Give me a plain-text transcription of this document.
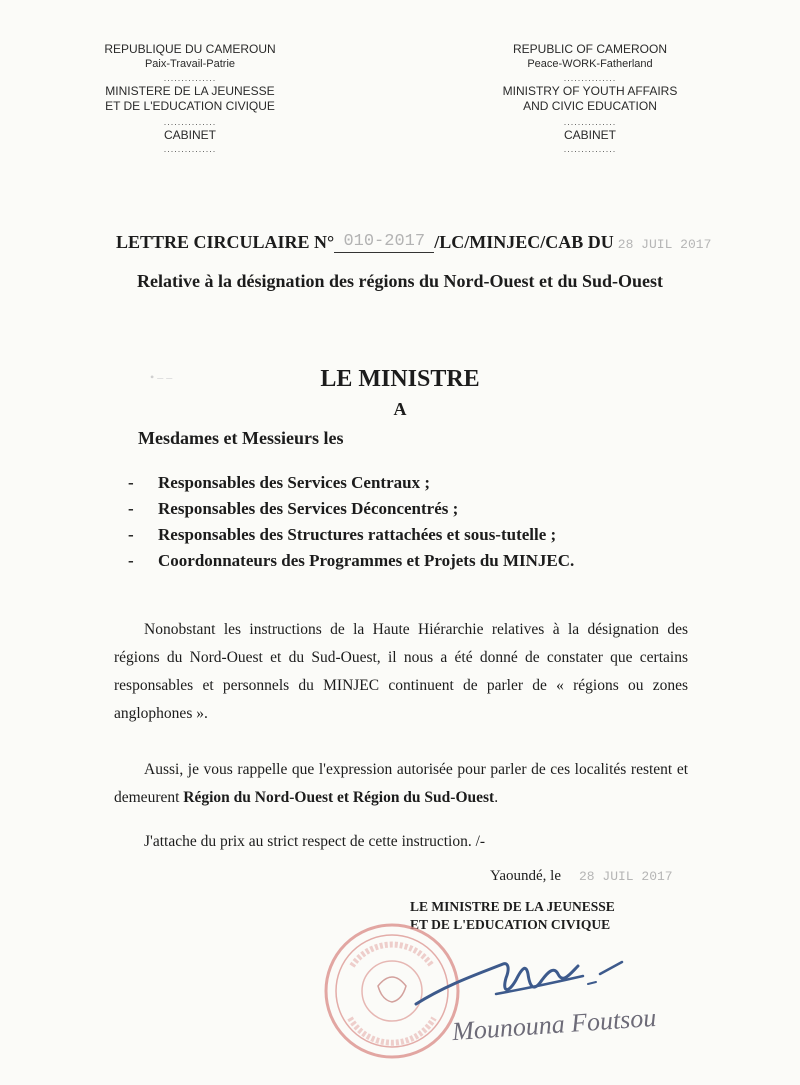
REPUBLIQUE DU CAMEROUN
Paix-Travail-Patrie
...............
MINISTERE DE LA JEUNESSE
ET DE L'EDUCATION CIVIQUE
...............
CABINET
...............
REPUBLIC OF CAMEROON
Peace-WORK-Fatherland
...............
MINISTRY OF YOUTH AFFAIRS
AND CIVIC EDUCATION
...............
CABINET
...............
LETTRE CIRCULAIRE N° 010-2017 /LC/MINJEC/CAB DU 28 JUIL 2017
Relative à la désignation des régions du Nord-Ouest et du Sud-Ouest
• – –	LE MINISTRE
A
Mesdames et Messieurs les
- Responsables des Services Centraux ;
- Responsables des Services Déconcentrés ;
- Responsables des Structures rattachées et sous-tutelle ;
- Coordonnateurs des Programmes et Projets du MINJEC.

Nonobstant les instructions de la Haute Hiérarchie relatives à la désignation des régions du Nord-Ouest et du Sud-Ouest, il nous a été donné de constater que certains responsables et personnels du MINJEC continuent de parler de « régions ou zones anglophones ».

Aussi, je vous rappelle que l'expression autorisée pour parler de ces localités restent et demeurent Région du Nord-Ouest et Région du Sud-Ouest.

J'attache du prix au strict respect de cette instruction. /-

Yaoundé, le 28 JUIL 2017
LE MINISTRE DE LA JEUNESSE
ET DE L'EDUCATION CIVIQUE
Mounouna Foutsou
